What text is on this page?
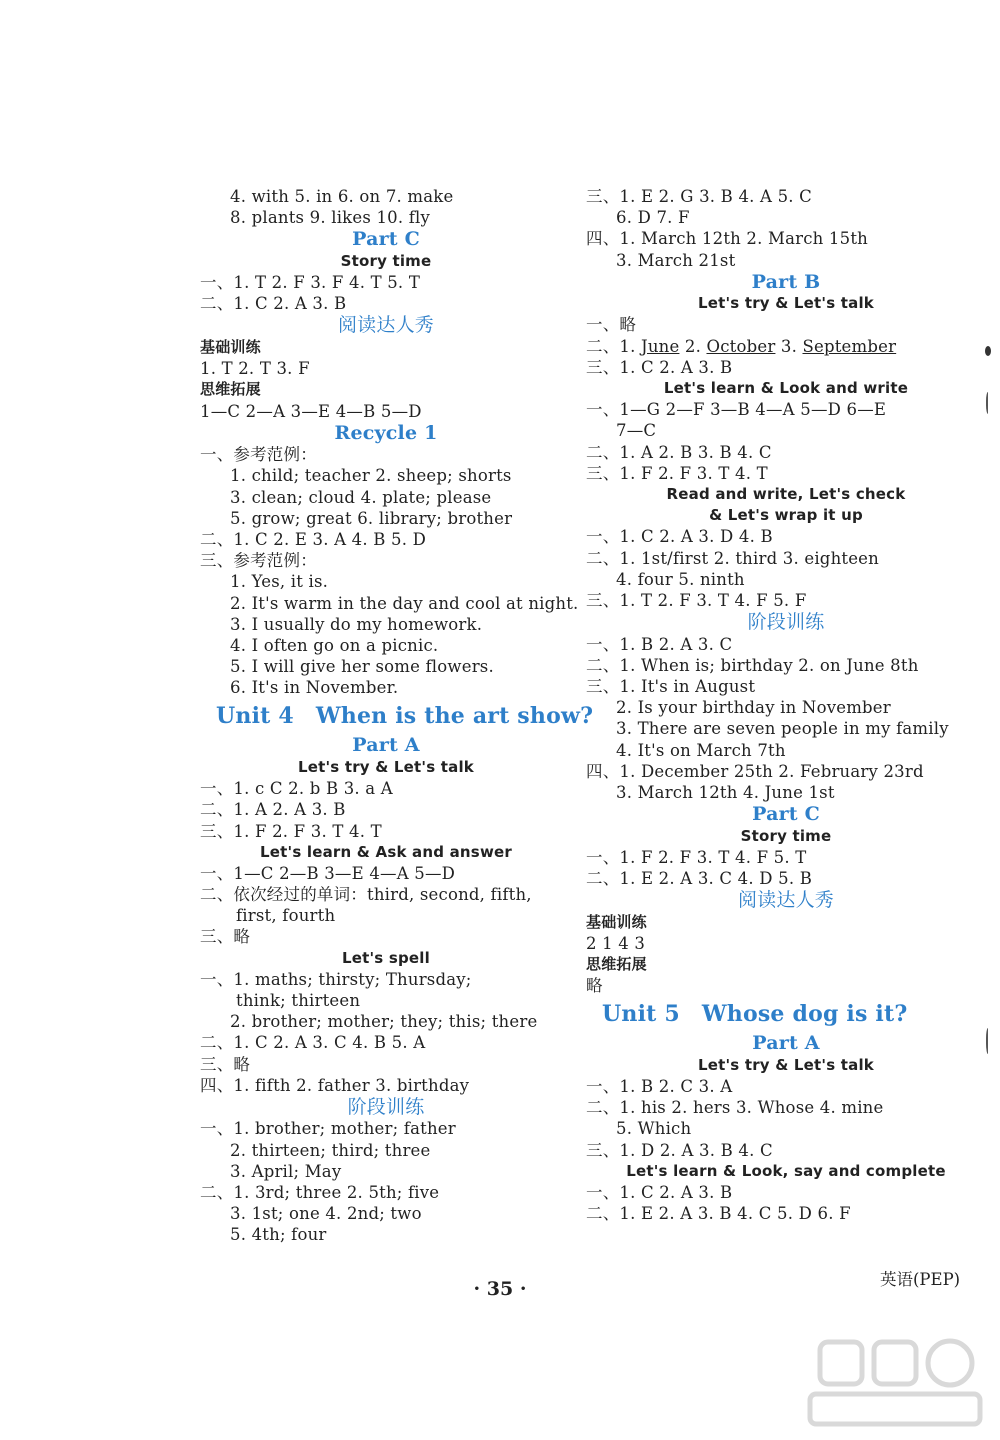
4. with 5. in 6. on 7. make
8. plants 9. likes 10. fly
Part C
Story time
一、1. T 2. F 3. F 4. T 5. T
二、1. C 2. A 3. B
阅读达人秀
基础训练
1. T 2. T 3. F
思维拓展
1—C 2—A 3—E 4—B 5—D
Recycle 1
一、参考范例：
1. child; teacher 2. sheep; shorts
3. clean; cloud 4. plate; please
5. grow; great 6. library; brother
二、1. C 2. E 3. A 4. B 5. D
三、参考范例：
1. Yes, it is.
2. It's warm in the day and cool at night.
3. I usually do my homework.
4. I often go on a picnic.
5. I will give her some flowers.
6. It's in November.
Unit 4 When is the art show?
Part A
Let's try & Let's talk
一、1. c C 2. b B 3. a A
二、1. A 2. A 3. B
三、1. F 2. F 3. T 4. T
Let's learn & Ask and answer
一、1—C 2—B 3—E 4—A 5—D
二、依次经过的单词：third, second, fifth,
first, fourth
三、略
Let's spell
一、1. maths; thirsty; Thursday;
think; thirteen
2. brother; mother; they; this; there
二、1. C 2. A 3. C 4. B 5. A
三、略
四、1. fifth 2. father 3. birthday
阶段训练
一、1. brother; mother; father
2. thirteen; third; three
3. April; May
二、1. 3rd; three 2. 5th; five
3. 1st; one 4. 2nd; two
5. 4th; four
三、1. E 2. G 3. B 4. A 5. C
6. D 7. F
四、1. March 12th 2. March 15th
3. March 21st
Part B
Let's try & Let's talk
一、略
二、1. June 2. October 3. September
三、1. C 2. A 3. B
Let's learn & Look and write
一、1—G 2—F 3—B 4—A 5—D 6—E
7—C
二、1. A 2. B 3. B 4. C
三、1. F 2. F 3. T 4. T
Read and write, Let's check
& Let's wrap it up
一、1. C 2. A 3. D 4. B
二、1. 1st/first 2. third 3. eighteen
4. four 5. ninth
三、1. T 2. F 3. T 4. F 5. F
阶段训练
一、1. B 2. A 3. C
二、1. When is; birthday 2. on June 8th
三、1. It's in August
2. Is your birthday in November
3. There are seven people in my family
4. It's on March 7th
四、1. December 25th 2. February 23rd
3. March 12th 4. June 1st
Part C
Story time
一、1. F 2. F 3. T 4. F 5. T
二、1. E 2. A 3. C 4. D 5. B
阅读达人秀
基础训练
2 1 4 3
思维拓展
略
Unit 5 Whose dog is it?
Part A
Let's try & Let's talk
一、1. B 2. C 3. A
二、1. his 2. hers 3. Whose 4. mine
5. Which
三、1. D 2. A 3. B 4. C
Let's learn & Look, say and complete
一、1. C 2. A 3. B
二、1. E 2. A 3. B 4. C 5. D 6. F
· 35 ·	英语(PEP)
